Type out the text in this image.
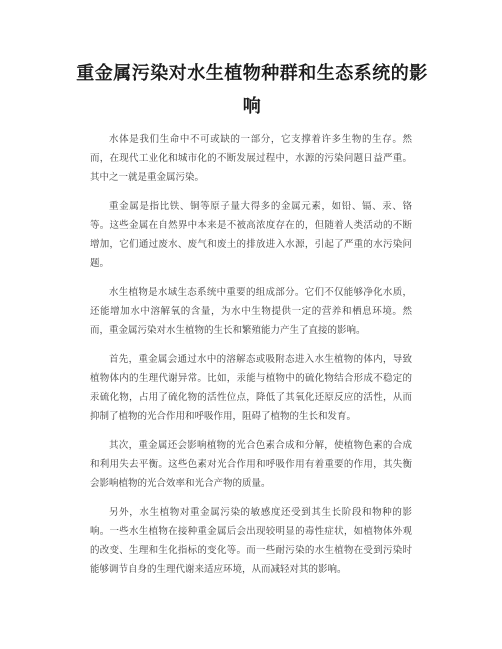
重金属污染对水生植物种群和生态系统的影响

水体是我们生命中不可或缺的一部分，它支撑着许多生物的生存。然而，在现代工业化和城市化的不断发展过程中，水源的污染问题日益严重。其中之一就是重金属污染。

重金属是指比铁、铜等原子量大得多的金属元素，如铅、镉、汞、铬等。这些金属在自然界中本来是不被高浓度存在的，但随着人类活动的不断增加，它们通过废水、废气和废土的排放进入水源，引起了严重的水污染问题。

水生植物是水域生态系统中重要的组成部分。它们不仅能够净化水质，还能增加水中溶解氧的含量，为水中生物提供一定的营养和栖息环境。然而，重金属污染对水生植物的生长和繁殖能力产生了直接的影响。

首先，重金属会通过水中的溶解态或吸附态进入水生植物的体内，导致植物体内的生理代谢异常。比如，汞能与植物中的硫化物结合形成不稳定的汞硫化物，占用了硫化物的活性位点，降低了其氧化还原反应的活性，从而抑制了植物的光合作用和呼吸作用，阻碍了植物的生长和发育。

其次，重金属还会影响植物的光合色素合成和分解，使植物色素的合成和利用失去平衡。这些色素对光合作用和呼吸作用有着重要的作用，其失衡会影响植物的光合效率和光合产物的质量。

另外，水生植物对重金属污染的敏感度还受到其生长阶段和物种的影响。一些水生植物在接种重金属后会出现较明显的毒性症状，如植物体外观的改变、生理和生化指标的变化等。而一些耐污染的水生植物在受到污染时能够调节自身的生理代谢来适应环境，从而减轻对其的影响。
